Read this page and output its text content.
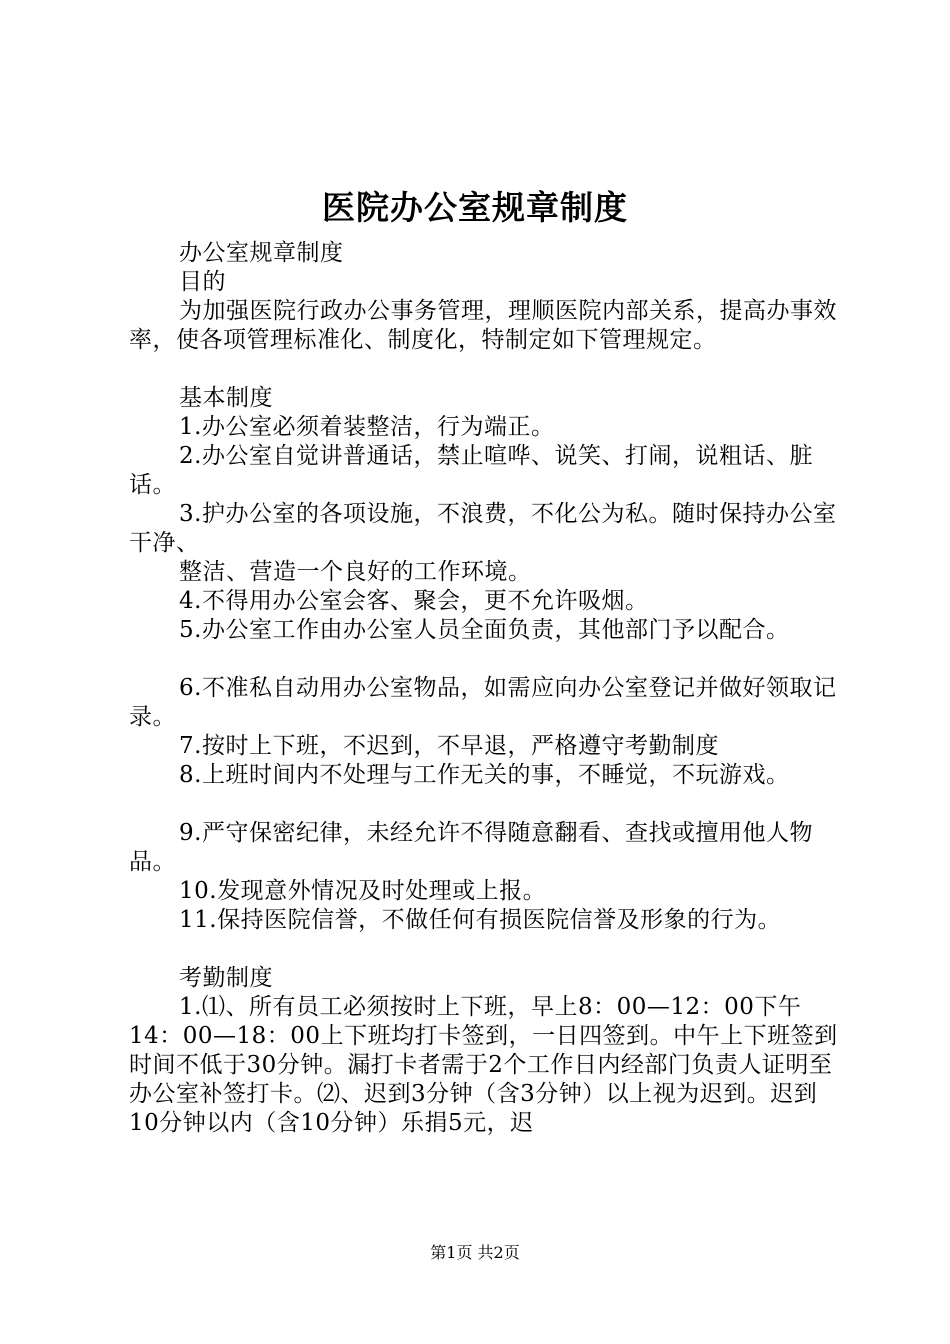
医院办公室规章制度

办公室规章制度

目的

为加强医院行政办公事务管理，理顺医院内部关系，提高办事效率，使各项管理标准化、制度化，特制定如下管理规定。

基本制度

1.办公室必须着装整洁，行为端正。

2.办公室自觉讲普通话，禁止喧哗、说笑、打闹，说粗话、脏话。

3.护办公室的各项设施，不浪费，不化公为私。随时保持办公室干净、

整洁、营造一个良好的工作环境。

4.不得用办公室会客、聚会，更不允许吸烟。

5.办公室工作由办公室人员全面负责，其他部门予以配合。

6.不准私自动用办公室物品，如需应向办公室登记并做好领取记录。

7.按时上下班，不迟到，不早退，严格遵守考勤制度

8.上班时间内不处理与工作无关的事，不睡觉，不玩游戏。

9.严守保密纪律，未经允许不得随意翻看、查找或擅用他人物品。

10.发现意外情况及时处理或上报。

11.保持医院信誉，不做任何有损医院信誉及形象的行为。

考勤制度

1.⑴、所有员工必须按时上下班，早上8：00—12：00下午14：00—18：00上下班均打卡签到，一日四签到。中午上下班签到时间不低于30分钟。漏打卡者需于2个工作日内经部门负责人证明至办公室补签打卡。⑵、迟到3分钟（含3分钟）以上视为迟到。迟到10分钟以内（含10分钟）乐捐5元，迟

第1页 共2页
